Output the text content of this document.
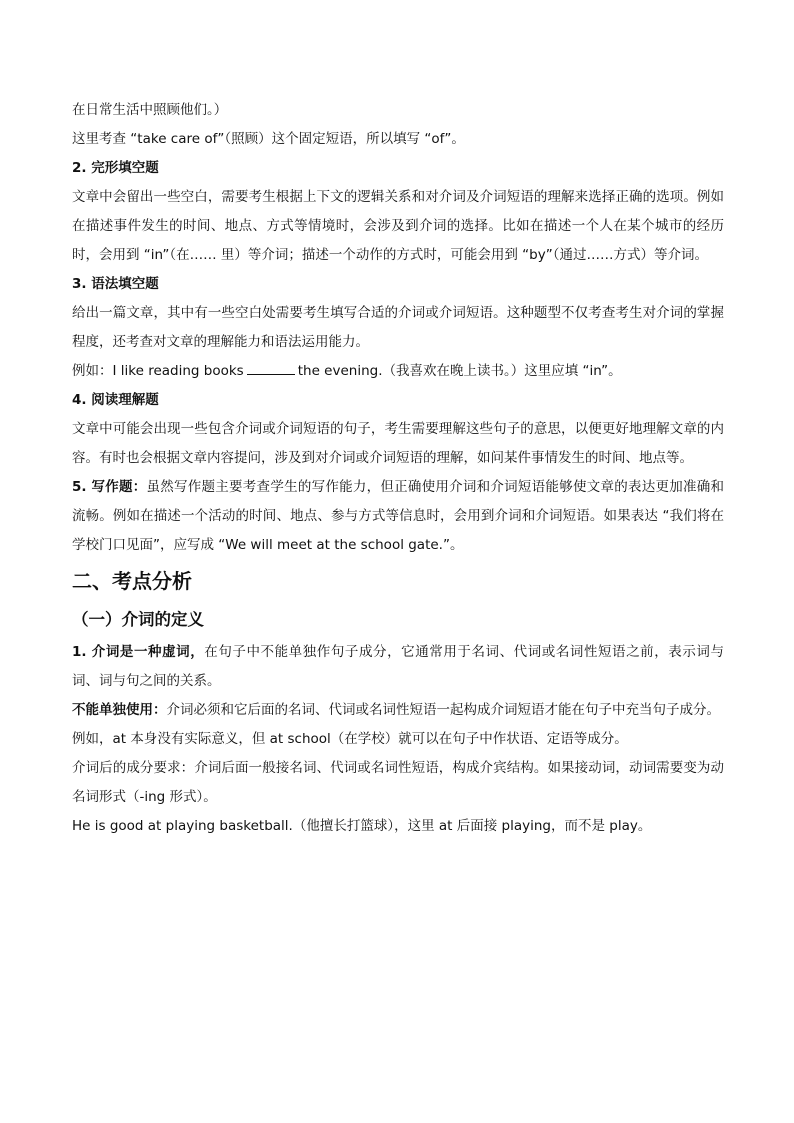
在日常生活中照顾他们。）

这里考查 “take care of”（照顾）这个固定短语，所以填写 “of”。

2. 完形填空题

文章中会留出一些空白，需要考生根据上下文的逻辑关系和对介词及介词短语的理解来选择正确的选项。例如在描述事件发生的时间、地点、方式等情境时，会涉及到介词的选择。比如在描述一个人在某个城市的经历时，会用到 “in”（在…… 里）等介词；描述一个动作的方式时，可能会用到 “by”（通过……方式）等介词。

3. 语法填空题

给出一篇文章，其中有一些空白处需要考生填写合适的介词或介词短语。这种题型不仅考查考生对介词的掌握程度，还考查对文章的理解能力和语法运用能力。

例如：I like reading books	the evening.（我喜欢在晚上读书。）这里应填 “in”。

4. 阅读理解题

文章中可能会出现一些包含介词或介词短语的句子，考生需要理解这些句子的意思，以便更好地理解文章的内容。有时也会根据文章内容提问，涉及到对介词或介词短语的理解，如问某件事情发生的时间、地点等。

5. 写作题：虽然写作题主要考查学生的写作能力，但正确使用介词和介词短语能够使文章的表达更加准确和流畅。例如在描述一个活动的时间、地点、参与方式等信息时，会用到介词和介词短语。如果表达 “我们将在学校门口见面”，应写成 “We will meet at the school gate.”。

二、考点分析
（一）介词的定义

1. 介词是一种虚词，在句子中不能单独作句子成分，它通常用于名词、代词或名词性短语之前，表示词与词、词与句之间的关系。

不能单独使用：介词必须和它后面的名词、代词或名词性短语一起构成介词短语才能在句子中充当句子成分。

例如，at 本身没有实际意义，但 at school（在学校）就可以在句子中作状语、定语等成分。

介词后的成分要求：介词后面一般接名词、代词或名词性短语，构成介宾结构。如果接动词，动词需要变为动名词形式（-ing 形式）。

He is good at playing basketball.（他擅长打篮球），这里 at 后面接 playing，而不是 play。
